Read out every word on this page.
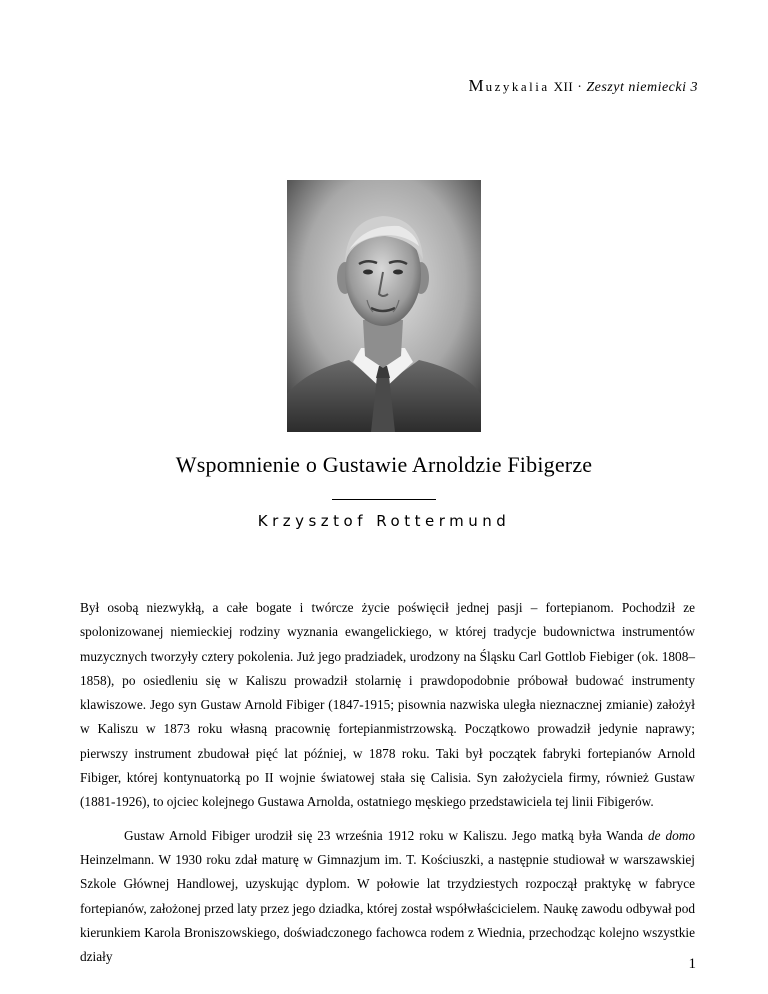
Muzykalia XII · Zeszyt niemiecki 3
Wspomnienie o Gustawie Arnoldzie Fibigerze
Krzysztof Rottermund

Był osobą niezwykłą, a całe bogate i twórcze życie poświęcił jednej pasji – fortepianom. Pochodził ze spolonizowanej niemieckiej rodziny wyznania ewangelickiego, w której tradycje budownictwa instrumentów muzycznych tworzyły cztery pokolenia. Już jego pradziadek, urodzony na Śląsku Carl Gottlob Fiebiger (ok. 1808–1858), po osiedleniu się w Kaliszu prowadził stolarnię i prawdopodobnie próbował budować instrumenty klawiszowe. Jego syn Gustaw Arnold Fibiger (1847-1915; pisownia nazwiska uległa nieznacznej zmianie) założył w Kaliszu w 1873 roku własną pracownię fortepianmistrzowską. Początkowo prowadził jedynie naprawy; pierwszy instrument zbudował pięć lat później, w 1878 roku. Taki był początek fabryki fortepianów Arnold Fibiger, której kontynuatorką po II wojnie światowej stała się Calisia. Syn założyciela firmy, również Gustaw (1881-1926), to ojciec kolejnego Gustawa Arnolda, ostatniego męskiego przedstawiciela tej linii Fibigerów.

Gustaw Arnold Fibiger urodził się 23 września 1912 roku w Kaliszu. Jego matką była Wanda de domo Heinzelmann. W 1930 roku zdał maturę w Gimnazjum im. T. Kościuszki, a następnie studiował w warszawskiej Szkole Głównej Handlowej, uzyskując dyplom. W połowie lat trzydziestych rozpoczął praktykę w fabryce fortepianów, założonej przed laty przez jego dziadka, której został współwłaścicielem. Naukę zawodu odbywał pod kierunkiem Karola Broniszowskiego, doświadczonego fachowca rodem z Wiednia, przechodząc kolejno wszystkie działy	1
